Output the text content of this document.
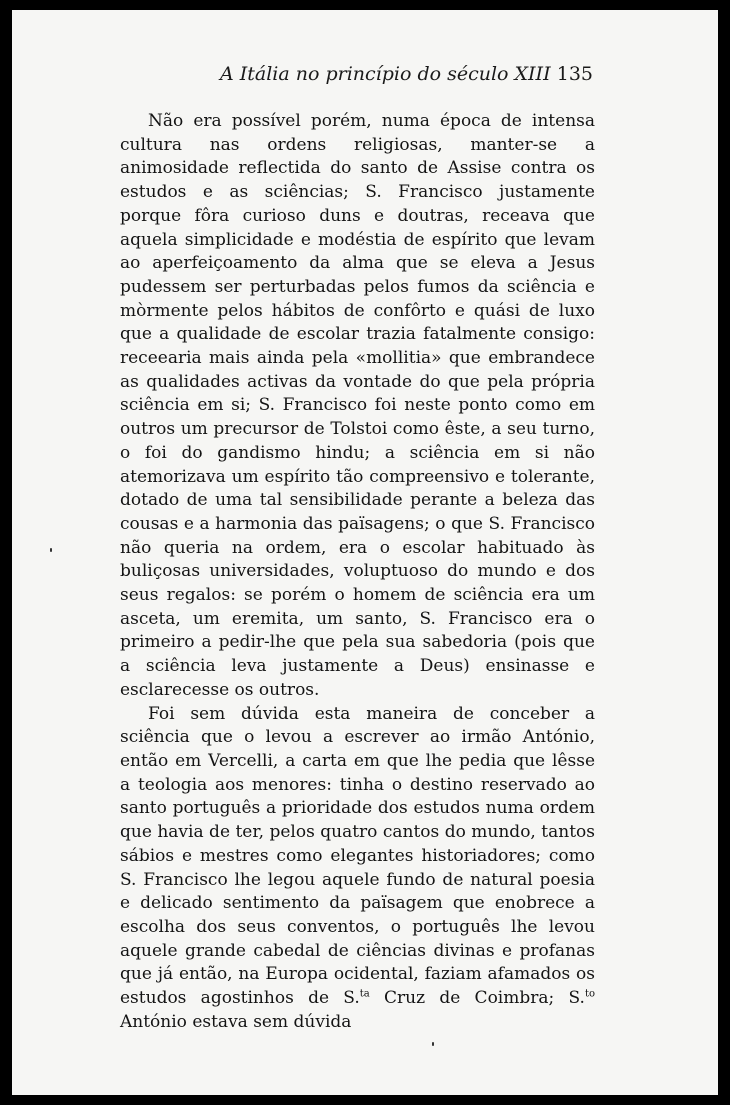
A Itália no princípio do século XIII 135

Não era possível porém, numa época de intensa cultura nas ordens religiosas, manter-se a animosidade reflectida do santo de Assise contra os estudos e as sciências; S. Francisco justamente porque fôra curioso duns e doutras, receava que aquela simplicidade e modéstia de espírito que levam ao aperfeiçoamento da alma que se eleva a Jesus pudessem ser perturbadas pelos fumos da sciência e mòrmente pelos hábitos de confôrto e quási de luxo que a qualidade de escolar trazia fatalmente consigo: receearia mais ainda pela «mollitia» que embrandece as qualidades activas da vontade do que pela própria sciência em si; S. Francisco foi neste ponto como em outros um precursor de Tolstoi como êste, a seu turno, o foi do gandismo hindu; a sciência em si não atemorizava um espírito tão compreensivo e tolerante, dotado de uma tal sensibilidade perante a beleza das cousas e a harmonia das païsagens; o que S. Francisco não queria na ordem, era o escolar habituado às buliçosas universidades, voluptuoso do mundo e dos seus regalos: se porém o homem de sciência era um asceta, um eremita, um santo, S. Francisco era o primeiro a pedir-lhe que pela sua sabedoria (pois que a sciência leva justamente a Deus) ensinasse e esclarecesse os outros.

Foi sem dúvida esta maneira de conceber a sciência que o levou a escrever ao irmão António, então em Vercelli, a carta em que lhe pedia que lêsse a teologia aos menores: tinha o destino reservado ao santo português a prioridade dos estudos numa ordem que havia de ter, pelos quatro cantos do mundo, tantos sábios e mestres como elegantes historiadores; como S. Francisco lhe legou aquele fundo de natural poesia e delicado sentimento da païsagem que enobrece a escolha dos seus conventos, o português lhe levou aquele grande cabedal de ciências divinas e profanas que já então, na Europa ocidental, faziam afamados os estudos agostinhos de S.$^{ta}$ Cruz de Coimbra; S.$^{to}$ António estava sem dúvida
